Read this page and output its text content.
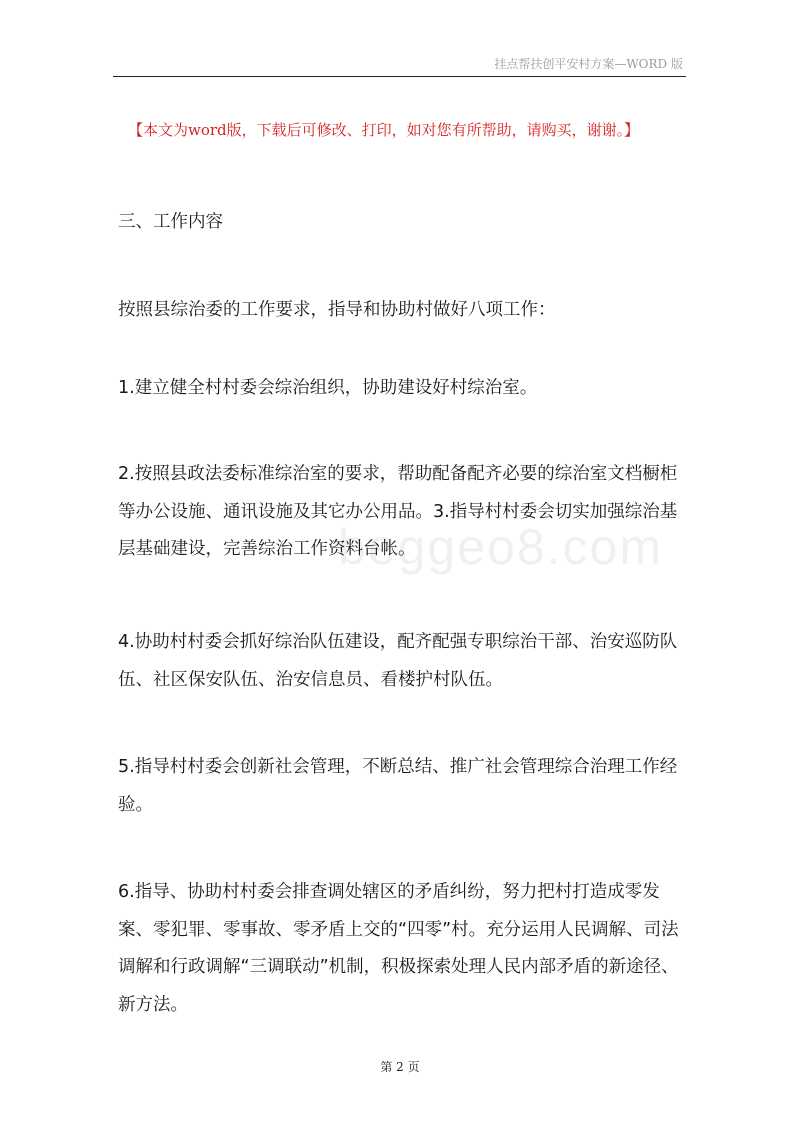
挂点帮扶创平安村方案—WORD 版
【本文为word版，下载后可修改、打印，如对您有所帮助，请购买，谢谢。】
beggeo8.com

三、工作内容

按照县综治委的工作要求，指导和协助村做好八项工作：

1.建立健全村村委会综治组织，协助建设好村综治室。

2.按照县政法委标准综治室的要求，帮助配备配齐必要的综治室文档橱柜等办公设施、通讯设施及其它办公用品。3.指导村村委会切实加强综治基层基础建设，完善综治工作资料台帐。

4.协助村村委会抓好综治队伍建设，配齐配强专职综治干部、治安巡防队伍、社区保安队伍、治安信息员、看楼护村队伍。

5.指导村村委会创新社会管理，不断总结、推广社会管理综合治理工作经验。

6.指导、协助村村委会排查调处辖区的矛盾纠纷，努力把村打造成零发案、零犯罪、零事故、零矛盾上交的“四零”村。充分运用人民调解、司法调解和行政调解“三调联动”机制，积极探索处理人民内部矛盾的新途径、新方法。

第 2 页
